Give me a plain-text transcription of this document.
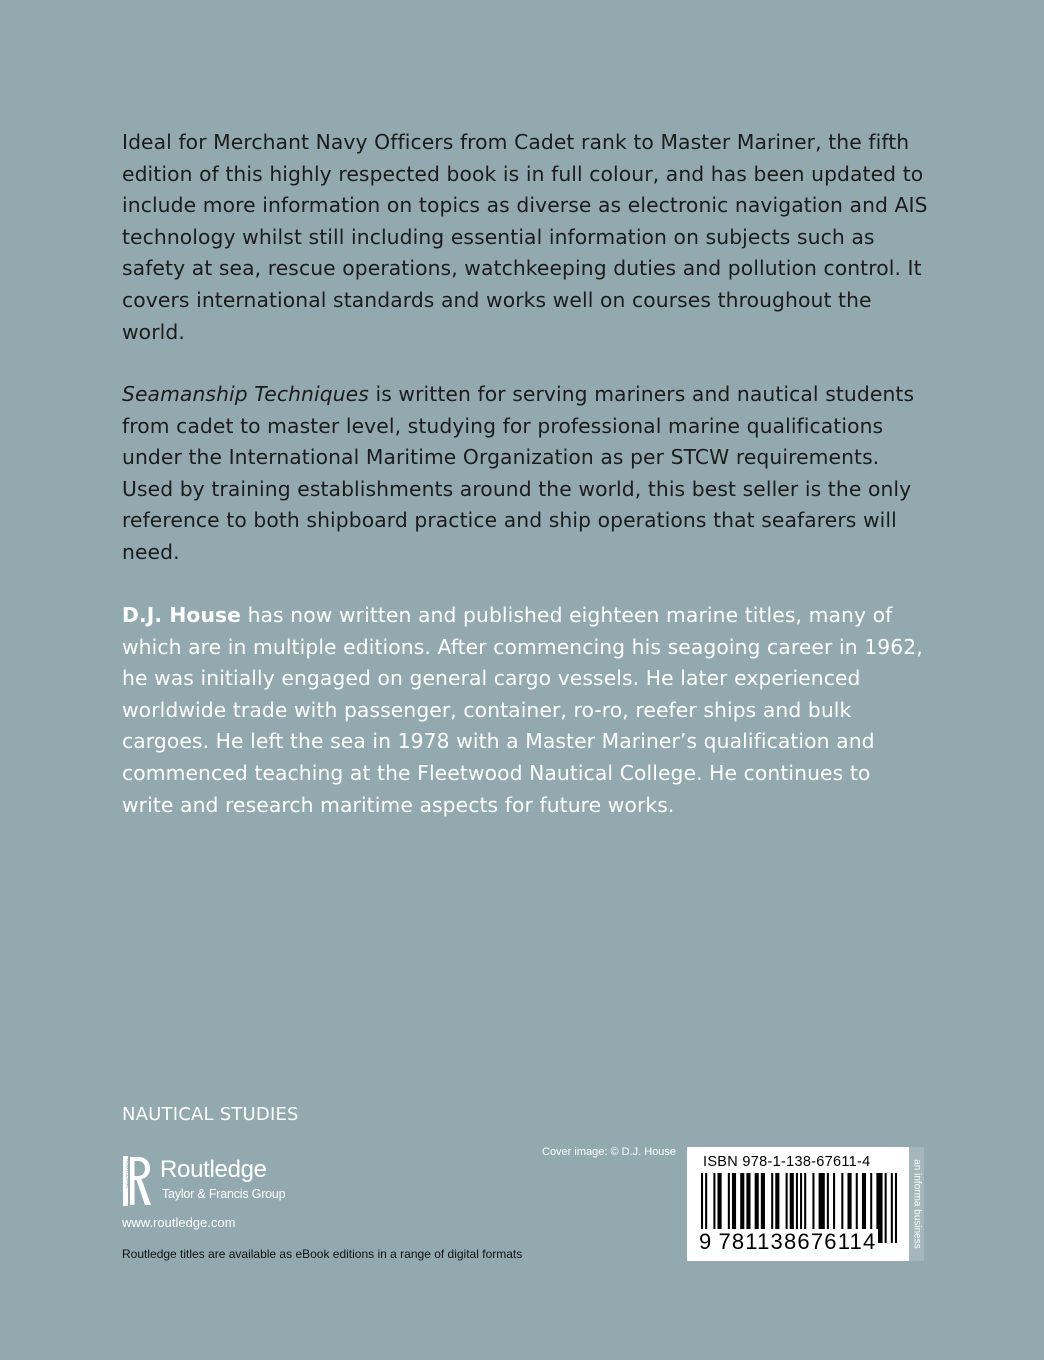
Ideal for Merchant Navy Officers from Cadet rank to Master Mariner, the fifth edition of this highly respected book is in full colour, and has been updated to include more information on topics as diverse as electronic navigation and AIS technology whilst still including essential information on subjects such as safety at sea, rescue operations, watchkeeping duties and pollution control. It covers international standards and works well on courses throughout the world.

Seamanship Techniques is written for serving mariners and nautical students from cadet to master level, studying for professional marine qualifications under the International Maritime Organization as per STCW requirements. Used by training establishments around the world, this best seller is the only reference to both shipboard practice and ship operations that seafarers will need.

D.J. House has now written and published eighteen marine titles, many of which are in multiple editions. After commencing his seagoing career in 1962, he was initially engaged on general cargo vessels. He later experienced worldwide trade with passenger, container, ro-ro, reefer ships and bulk cargoes. He left the sea in 1978 with a Master Mariner’s qualification and commenced teaching at the Fleetwood Nautical College. He continues to write and research maritime aspects for future works.

NAUTICAL STUDIES
ROUTLEDGE Routledge
Taylor & Francis Group
www.routledge.com
Routledge titles are available as eBook editions in a range of digital formats
Cover image: © D.J. House
ISBN 978-1-138-67611-4
9 781138676114	an informa business
